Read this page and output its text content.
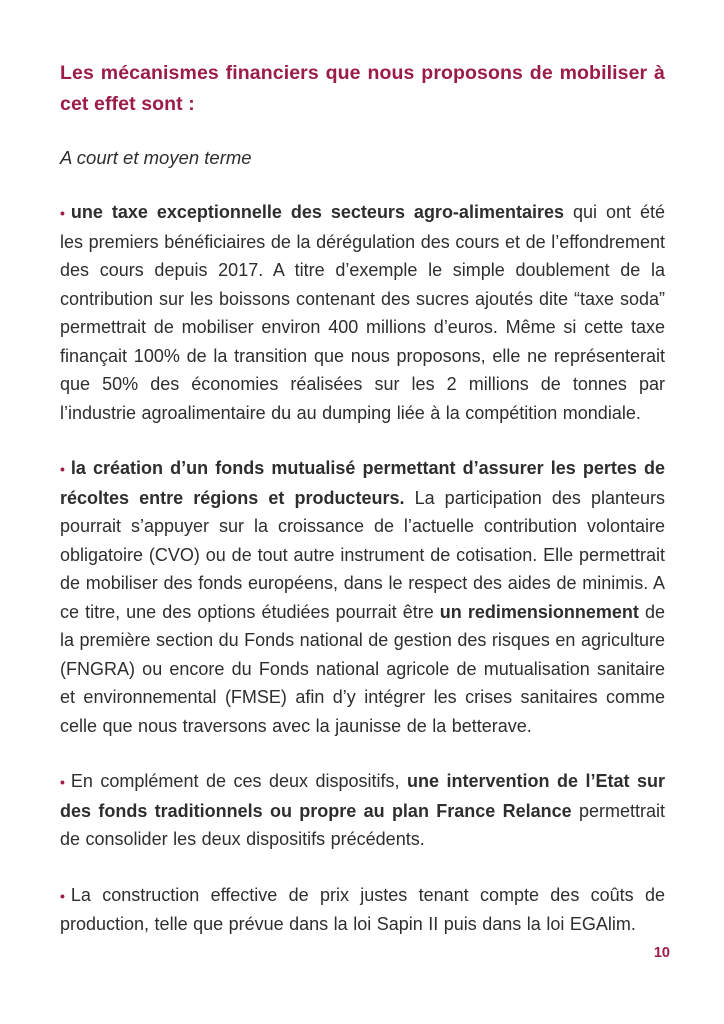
Les mécanismes financiers que nous proposons de mobiliser à cet effet sont :

A court et moyen terme

• une taxe exceptionnelle des secteurs agro-alimentaires qui ont été les premiers bénéficiaires de la dérégulation des cours et de l’effondrement des cours depuis 2017. A titre d’exemple le simple doublement de la contribution sur les boissons contenant des sucres ajoutés dite “taxe soda” permettrait de mobiliser environ 400 millions d’euros. Même si cette taxe finançait 100% de la transition que nous proposons, elle ne représenterait que 50% des économies réalisées sur les 2 millions de tonnes par l’industrie agroalimentaire du au dumping liée à la compétition mondiale.

• la création d’un fonds mutualisé permettant d’assurer les pertes de récoltes entre régions et producteurs. La participation des planteurs pourrait s’appuyer sur la croissance de l’actuelle contribution volontaire obligatoire (CVO) ou de tout autre instrument de cotisation. Elle permettrait de mobiliser des fonds européens, dans le respect des aides de minimis. A ce titre, une des options étudiées pourrait être un redimensionnement de la première section du Fonds national de gestion des risques en agriculture (FNGRA) ou encore du Fonds national agricole de mutualisation sanitaire et environnemental (FMSE) afin d’y intégrer les crises sanitaires comme celle que nous traversons avec la jaunisse de la betterave.

• En complément de ces deux dispositifs, une intervention de l’Etat sur des fonds traditionnels ou propre au plan France Relance permettrait de consolider les deux dispositifs précédents.

• La construction effective de prix justes tenant compte des coûts de production, telle que prévue dans la loi Sapin II puis dans la loi EGAlim.

10
